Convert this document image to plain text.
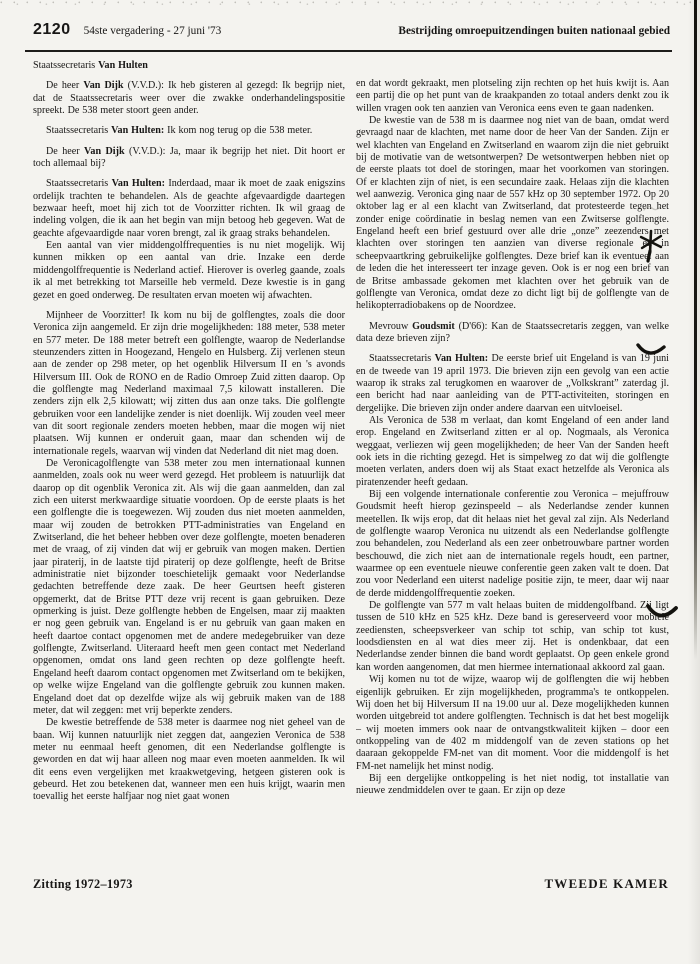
2120 54ste vergadering - 27 juni '73	Bestrijding omroepuitzendingen buiten nationaal gebied

Staatssecretaris Van Hulten

De heer Van Dijk (V.V.D.): Ik heb gisteren al gezegd: Ik begrijp niet, dat de Staatssecretaris weer over die zwakke onderhandelingspositie spreekt. De 538 meter stoort geen ander.

Staatssecretaris Van Hulten: Ik kom nog terug op die 538 meter.

De heer Van Dijk (V.V.D.): Ja, maar ik begrijp het niet. Dit hoort er toch allemaal bij?

Staatssecretaris Van Hulten: Inderdaad, maar ik moet de zaak enigszins ordelijk trachten te behandelen. Als de geachte afgevaardigde daartegen bezwaar heeft, moet hij zich tot de Voorzitter richten. Ik wil graag de indeling volgen, die ik aan het begin van mijn betoog heb gegeven. Wat de geachte afgevaardigde naar voren brengt, zal ik graag straks behandelen.

Een aantal van vier middengolffrequenties is nu niet mogelijk. Wij kunnen mikken op een aantal van drie. Inzake een derde middengolffrequentie is Nederland actief. Hierover is overleg gaande, zoals ik al met betrekking tot Marseille heb vermeld. Deze kwestie is in gang gezet en goed onderweg. De resultaten ervan moeten wij afwachten.

Mijnheer de Voorzitter! Ik kom nu bij de golflengtes, zoals die door Veronica zijn aangemeld. Er zijn drie mogelijkheden: 188 meter, 538 meter en 577 meter. De 188 meter betreft een golflengte, waarop de Nederlandse steunzenders zitten in Hoogezand, Hengelo en Hulsberg. Zij verlenen steun aan de zender op 298 meter, op het ogenblik Hilversum II en 's avonds Hilversum III. Ook de RONO en de Radio Omroep Zuid zitten daarop. Op die golflengte mag Nederland maximaal 7,5 kilowatt installeren. Die zenders zijn elk 2,5 kilowatt; wij zitten dus aan onze taks. Die golflengte gebruiken voor een landelijke zender is niet doenlijk. Wij zouden veel meer van dit soort regionale zenders moeten hebben, maar die mogen wij niet plaatsen. Wij kunnen er onderuit gaan, maar dan schenden wij de internationale regels, waarvan wij vinden dat Nederland dit niet mag doen.

De Veronicagolflengte van 538 meter zou men internationaal kunnen aanmelden, zoals ook nu weer werd gezegd. Het probleem is natuurlijk dat daarop op dit ogenblik Veronica zit. Als wij die gaan aanmelden, dan zal zich een uiterst merkwaardige situatie voordoen. Op de eerste plaats is het een golflengte die is toegewezen. Wij zouden dus niet moeten aanmelden, maar wij zouden de betrokken PTT-administraties van Engeland en Zwitserland, die het beheer hebben over deze golflengte, moeten benaderen met de vraag, of zij vinden dat wij er gebruik van mogen maken. Dertien jaar piraterij, in de laatste tijd piraterij op deze golflengte, heeft de Britse administratie niet bijzonder toeschietelijk gemaakt voor Nederlandse gedachten betreffende deze zaak. De heer Geurtsen heeft gisteren opgemerkt, dat de Britse PTT deze vrij recent is gaan gebruiken. Deze opmerking is juist. Deze golflengte hebben de Engelsen, maar zij maakten er nog geen gebruik van. Engeland is er nu gebruik van gaan maken en heeft daartoe contact opgenomen met de andere medegebruiker van deze golflengte, Zwitserland. Uiteraard heeft men geen contact met Nederland opgenomen, omdat ons land geen rechten op deze golflengte heeft. Engeland heeft daarom contact opgenomen met Zwitserland om te bekijken, op welke wijze Engeland van die golflengte gebruik zou kunnen maken. Engeland doet dat op dezelfde wijze als wij gebruik maken van de 188 meter, dat wil zeggen: met vrij beperkte zenders.

De kwestie betreffende de 538 meter is daarmee nog niet geheel van de baan. Wij kunnen natuurlijk niet zeggen dat, aangezien Veronica de 538 meter nu eenmaal heeft genomen, dit een Nederlandse golflengte is geworden en dat wij haar alleen nog maar even moeten aanmelden. Ik wil dit eens even vergelijken met kraakwetgeving, hetgeen gisteren ook is gebeurd. Het zou betekenen dat, wanneer men een huis krijgt, waarin men toevallig het eerste halfjaar nog niet gaat wonen

en dat wordt gekraakt, men plotseling zijn rechten op het huis kwijt is. Aan een partij die op het punt van de kraakpanden zo totaal anders denkt zou ik willen vragen ook ten aanzien van Veronica eens even te gaan nadenken.

De kwestie van de 538 m is daarmee nog niet van de baan, omdat werd gevraagd naar de klachten, met name door de heer Van der Sanden. Zijn er wel klachten van Engeland en Zwitserland en waarom zijn die niet gebruikt bij de motivatie van de wetsontwerpen? De wetsontwerpen hebben niet op de eerste plaats tot doel de storingen, maar het voorkomen van storingen. Of er klachten zijn of niet, is een secundaire zaak. Helaas zijn die klachten wel aanwezig. Veronica ging naar de 557 kHz op 30 september 1972. Op 20 oktober lag er al een klacht van Zwitserland, dat protesteerde tegen het zonder enige coördinatie in beslag nemen van een Zwitserse golflengte. Engeland heeft een brief gestuurd over alle drie „onze” zeezenders met klachten over storingen ten aanzien van diverse regionale en in scheepvaartkring gebruikelijke golflengtes. Deze brief kan ik eventueel aan de leden die het interesseert ter inzage geven. Ook is er nog een brief van de Britse ambassade gekomen met klachten over het gebruik van de golflengte van Veronica, omdat deze zo dicht ligt bij de golflengte van de helikopterradiobakens op de Noordzee.

Mevrouw Goudsmit (D'66): Kan de Staatssecretaris zeggen, van welke data deze brieven zijn?

Staatssecretaris Van Hulten: De eerste brief uit Engeland is van 19 juni en de tweede van 19 april 1973. Die brieven zijn een gevolg van een actie waarop ik straks zal terugkomen en waarover de „Volkskrant” zaterdag jl. een bericht had naar aanleiding van de PTT-activiteiten, storingen en dergelijke. Die brieven zijn onder andere daarvan een uitvloeisel.

Als Veronica de 538 m verlaat, dan komt Engeland of een ander land erop. Engeland en Zwitserland zitten er al op. Nogmaals, als Veronica weggaat, verliezen wij geen mogelijkheden; de heer Van der Sanden heeft ook iets in die richting gezegd. Het is simpelweg zo dat wij die golflengte moeten verlaten, anders doen wij als Staat exact hetzelfde als Veronica als piratenzender heeft gedaan.

Bij een volgende internationale conferentie zou Veronica – mejuffrouw Goudsmit heeft hierop gezinspeeld – als Nederlandse zender kunnen meetellen. Ik wijs erop, dat dit helaas niet het geval zal zijn. Als Nederland de golflengte waarop Veronica nu uitzendt als een Nederlandse golflengte zou behandelen, zou Nederland als een zeer onbetrouwbare partner worden beschouwd, die zich niet aan de internationale regels houdt, een partner, waarmee op een eventuele nieuwe conferentie geen zaken valt te doen. Dat zou voor Nederland een uiterst nadelige positie zijn, te meer, daar wij naar de derde middengolffrequentie zoeken.

De golflengte van 577 m valt helaas buiten de middengolfband. Zij ligt tussen de 510 kHz en 525 kHz. Deze band is gereserveerd voor mobiele zeediensten, scheepsverkeer van schip tot schip, van schip tot kust, loodsdiensten en al wat dies meer zij. Het is ondenkbaar, dat een Nederlandse zender binnen die band wordt geplaatst. Op geen enkele grond kan worden aangenomen, dat men hiermee internationaal akkoord zal gaan.

Wij komen nu tot de wijze, waarop wij de golflengten die wij hebben eigenlijk gebruiken. Er zijn mogelijkheden, programma's te ontkoppelen. Wij doen het bij Hilversum II na 19.00 uur al. Deze mogelijkheden kunnen worden uitgebreid tot andere golflengten. Technisch is dat het best mogelijk – wij moeten immers ook naar de ontvangstkwaliteit kijken – door een ontkoppeling van de 402 m middengolf van de zeven stations op het daaraan gekoppelde FM-net van dit moment. Voor die middengolf is het FM-net namelijk het minst nodig.

Bij een dergelijke ontkoppeling is het niet nodig, tot installatie van nieuwe zendmiddelen over te gaan. Er zijn op deze

Zitting 1972–1973	TWEEDE KAMER
